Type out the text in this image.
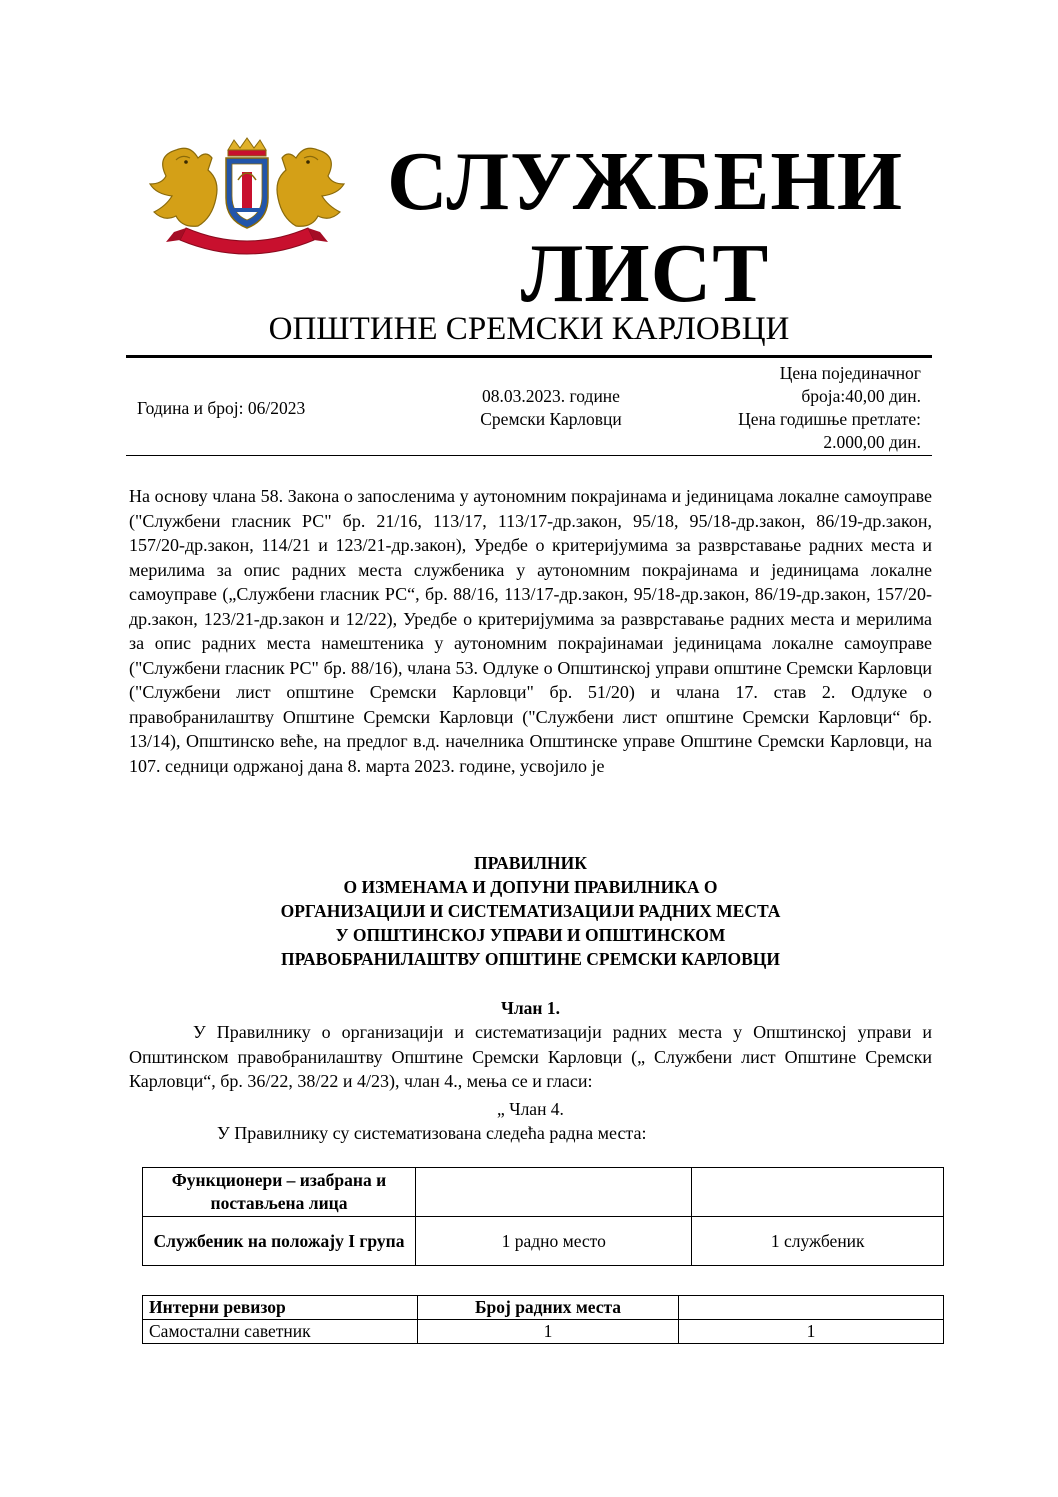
СЛУЖБЕНИ
ЛИСТ
ОПШТИНЕ СРЕМСКИ КАРЛОВЦИ
Година и број: 06/2023
08.03.2023. године
Сремски Карловци
Цена појединачног
броја:40,00 дин.
Цена годишње претлате:
2.000,00 дин.
На основу члана 58. Закона о запосленима у аутономним покрајинама и јединицама локалне самоуправе ("Службени гласник РС" бр. 21/16, 113/17, 113/17-др.закон, 95/18, 95/18-др.закон, 86/19-др.закон, 157/20-др.закон, 114/21 и 123/21-др.закон), Уредбе о критеријумима за разврставање радних места и мерилима за опис радних места службеника у аутономним покрајинама и јединицама локалне самоуправе („Службени гласник РС“, бр. 88/16, 113/17-др.закон, 95/18-др.закон, 86/19-др.закон, 157/20-др.закон, 123/21-др.закон и 12/22), Уредбе о критеријумима за разврставање радних места и мерилима за опис радних места намештеника у аутономним покрајинамаи јединицама локалне самоуправе ("Службени гласник РС" бр. 88/16), члана 53. Одлуке о Општинској управи општине Сремски Карловци ("Службени лист општине Сремски Карловци" бр. 51/20) и члана 17. став 2. Одлуке о правобранилаштву Општине Сремски Карловци ("Службени лист општине Сремски Карловци“ бр. 13/14), Општинско веће, на предлог в.д. начелника Општинске управе Општине Сремски Карловци, на 107. седници одржаној дана 8. марта 2023. године, усвојило је
ПРАВИЛНИК
О ИЗМЕНАМА И ДОПУНИ ПРАВИЛНИКА О
ОРГАНИЗАЦИЈИ И СИСТЕМАТИЗАЦИЈИ РАДНИХ МЕСТА
У ОПШТИНСКОЈ УПРАВИ И ОПШТИНСКОМ
ПРАВОБРАНИЛАШТВУ ОПШТИНЕ СРЕМСКИ КАРЛОВЦИ
Члан 1.
У Правилнику о организацији и систематизацији радних места у Општинској управи и Општинском правобранилаштву Општине Сремски Карловци („ Службени лист Општине Сремски Карловци“, бр. 36/22, 38/22 и 4/23), члан 4., мења се и гласи:
„ Члан 4.
У Правилнику су систематизована следећа радна места:
Функционери – изабрана и постављена лица		
Службеник на положају I група	1 радно место	1 службеник
Интерни ревизор	Број радних места	
Самостални саветник	1	1
